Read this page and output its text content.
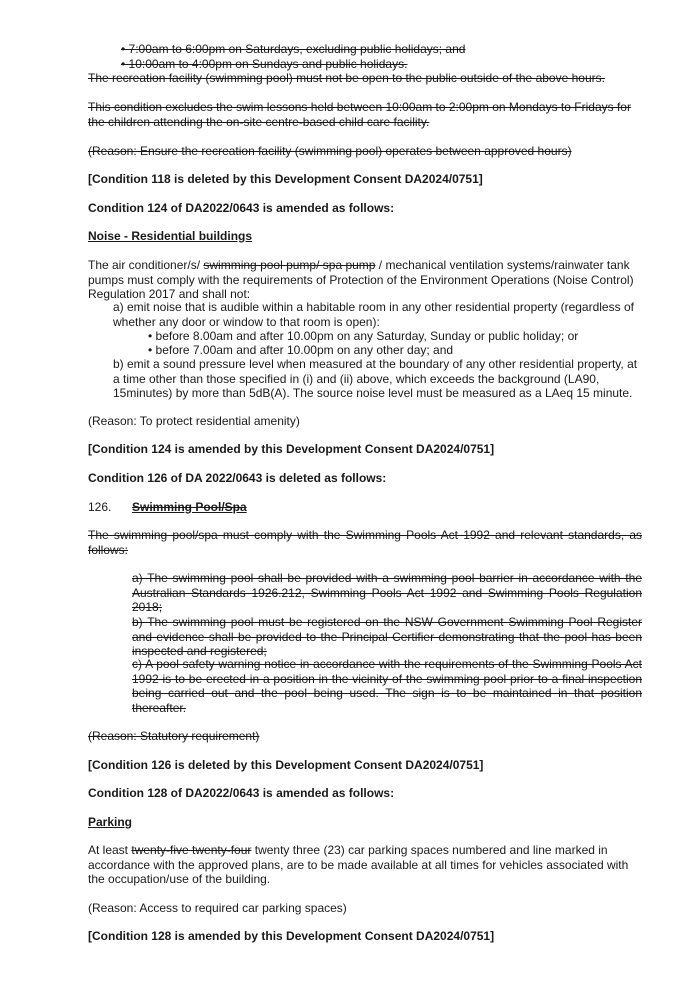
• 7:00am to 6:00pm on Saturdays, excluding public holidays; and

• 10:00am to 4:00pm on Sundays and public holidays.

The recreation facility (swimming pool) must not be open to the public outside of the above hours.

This condition excludes the swim lessons held between 10:00am to 2:00pm on Mondays to Fridays for the children attending the on-site centre-based child care facility.

(Reason: Ensure the recreation facility (swimming pool) operates between approved hours)

[Condition 118 is deleted by this Development Consent DA2024/0751]

Condition 124 of DA2022/0643 is amended as follows:

Noise - Residential buildings

The air conditioner/s/ swimming pool pump/ spa pump / mechanical ventilation systems/rainwater tank pumps must comply with the requirements of Protection of the Environment Operations (Noise Control) Regulation 2017 and shall not:

a) emit noise that is audible within a habitable room in any other residential property (regardless of whether any door or window to that room is open):

• before 8.00am and after 10.00pm on any Saturday, Sunday or public holiday; or

• before 7.00am and after 10.00pm on any other day; and

b) emit a sound pressure level when measured at the boundary of any other residential property, at a time other than those specified in (i) and (ii) above, which exceeds the background (LA90, 15minutes) by more than 5dB(A). The source noise level must be measured as a LAeq 15 minute.

(Reason: To protect residential amenity)

[Condition 124 is amended by this Development Consent DA2024/0751]

Condition 126 of DA 2022/0643 is deleted as follows:

126. Swimming Pool/Spa

The swimming pool/spa must comply with the Swimming Pools Act 1992 and relevant standards, as follows:

a) The swimming pool shall be provided with a swimming pool barrier in accordance with the Australian Standards 1926.212, Swimming Pools Act 1992 and Swimming Pools Regulation 2018;

b) The swimming pool must be registered on the NSW Government Swimming Pool Register and evidence shall be provided to the Principal Certifier demonstrating that the pool has been inspected and registered;

c) A pool safety warning notice in accordance with the requirements of the Swimming Pools Act 1992 is to be erected in a position in the vicinity of the swimming pool prior to a final inspection being carried out and the pool being used. The sign is to be maintained in that position thereafter.

(Reason: Statutory requirement)

[Condition 126 is deleted by this Development Consent DA2024/0751]

Condition 128 of DA2022/0643 is amended as follows:

Parking

At least twenty-five twenty-four twenty three (23) car parking spaces numbered and line marked in accordance with the approved plans, are to be made available at all times for vehicles associated with the occupation/use of the building.

(Reason: Access to required car parking spaces)

[Condition 128 is amended by this Development Consent DA2024/0751]
